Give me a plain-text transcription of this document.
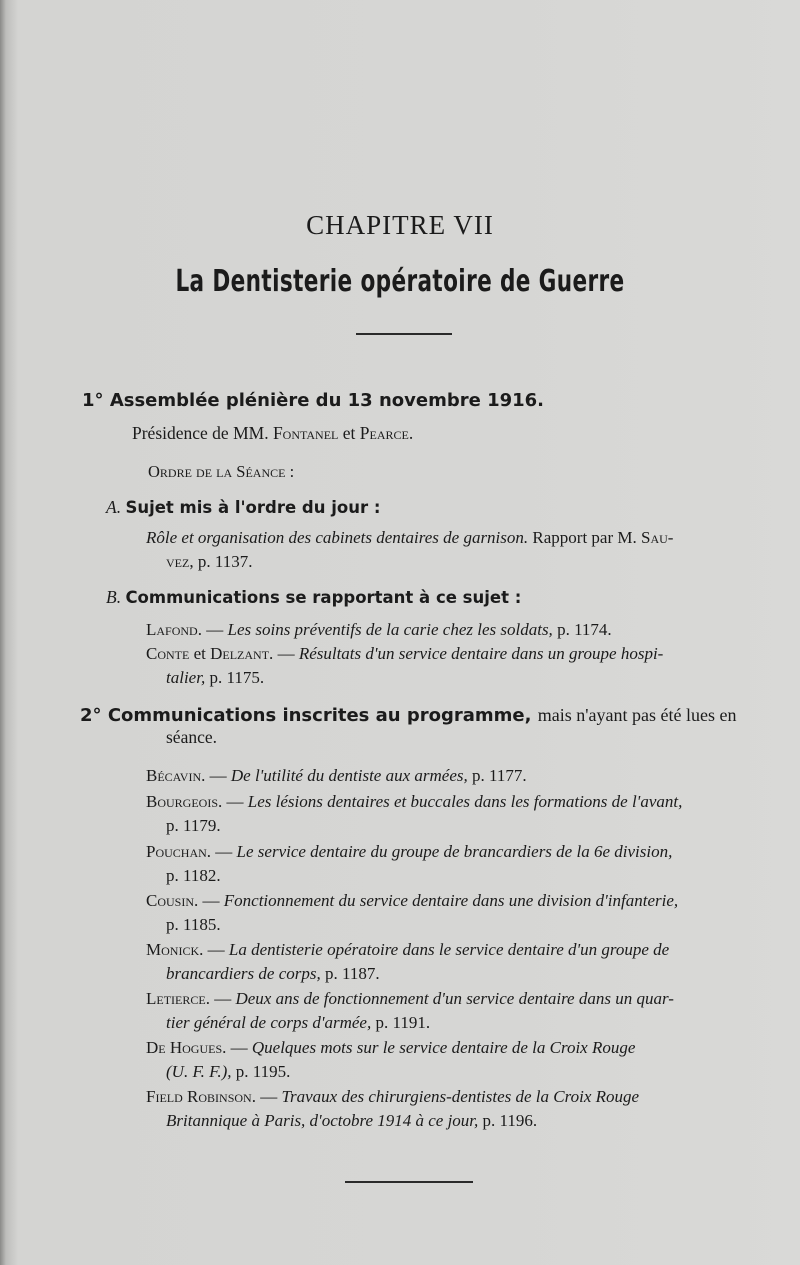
CHAPITRE VII
La Dentisterie opératoire de Guerre
1° Assemblée plénière du 13 novembre 1916.
Présidence de MM. Fontanel et Pearce.
Ordre de la Séance :
A. Sujet mis à l'ordre du jour :
Rôle et organisation des cabinets dentaires de garnison. Rapport par M. Sau-
vez, p. 1137.
B. Communications se rapportant à ce sujet :
Lafond. — Les soins préventifs de la carie chez les soldats, p. 1174.
Conte et Delzant. — Résultats d'un service dentaire dans un groupe hospi-
talier, p. 1175.
2° Communications inscrites au programme, mais n'ayant pas été lues en
séance.
Bécavin. — De l'utilité du dentiste aux armées, p. 1177.
Bourgeois. — Les lésions dentaires et buccales dans les formations de l'avant,
p. 1179.
Pouchan. — Le service dentaire du groupe de brancardiers de la 6e division,
p. 1182.
Cousin. — Fonctionnement du service dentaire dans une division d'infanterie,
p. 1185.
Monick. — La dentisterie opératoire dans le service dentaire d'un groupe de
brancardiers de corps, p. 1187.
Letierce. — Deux ans de fonctionnement d'un service dentaire dans un quar-
tier général de corps d'armée, p. 1191.
De Hogues. — Quelques mots sur le service dentaire de la Croix Rouge
(U. F. F.), p. 1195.
Field Robinson. — Travaux des chirurgiens-dentistes de la Croix Rouge
Britannique à Paris, d'octobre 1914 à ce jour, p. 1196.
